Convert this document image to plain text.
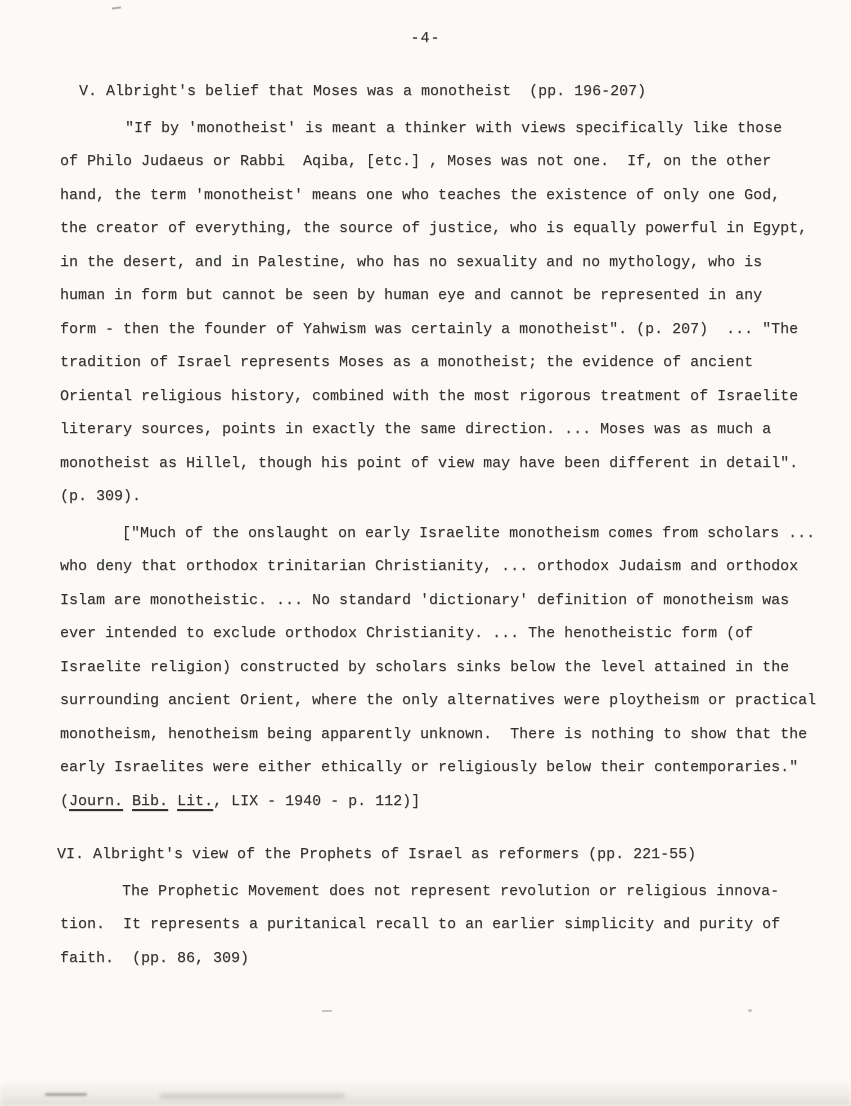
-4-
V. Albright's belief that Moses was a monotheist  (pp. 196-207)
"If by 'monotheist' is meant a thinker with views specifically like those
of Philo Judaeus or Rabbi  Aqiba, [etc.] , Moses was not one.  If, on the other
hand, the term 'monotheist' means one who teaches the existence of only one God,
the creator of everything, the source of justice, who is equally powerful in Egypt,
in the desert, and in Palestine, who has no sexuality and no mythology, who is
human in form but cannot be seen by human eye and cannot be represented in any
form - then the founder of Yahwism was certainly a monotheist". (p. 207)  ... "The
tradition of Israel represents Moses as a monotheist; the evidence of ancient
Oriental religious history, combined with the most rigorous treatment of Israelite
literary sources, points in exactly the same direction. ... Moses was as much a
monotheist as Hillel, though his point of view may have been different in detail".
(p. 309).
["Much of the onslaught on early Israelite monotheism comes from scholars ...
who deny that orthodox trinitarian Christianity, ... orthodox Judaism and orthodox
Islam are monotheistic. ... No standard 'dictionary' definition of monotheism was
ever intended to exclude orthodox Christianity. ... The henotheistic form (of
Israelite religion) constructed by scholars sinks below the level attained in the
surrounding ancient Orient, where the only alternatives were ploytheism or practical
monotheism, henotheism being apparently unknown.  There is nothing to show that the
early Israelites were either ethically or religiously below their contemporaries."
(Journ. Bib. Lit., LIX - 1940 - p. 112)]
VI. Albright's view of the Prophets of Israel as reformers (pp. 221-55)
The Prophetic Movement does not represent revolution or religious innova-
tion.  It represents a puritanical recall to an earlier simplicity and purity of
faith.  (pp. 86, 309)
